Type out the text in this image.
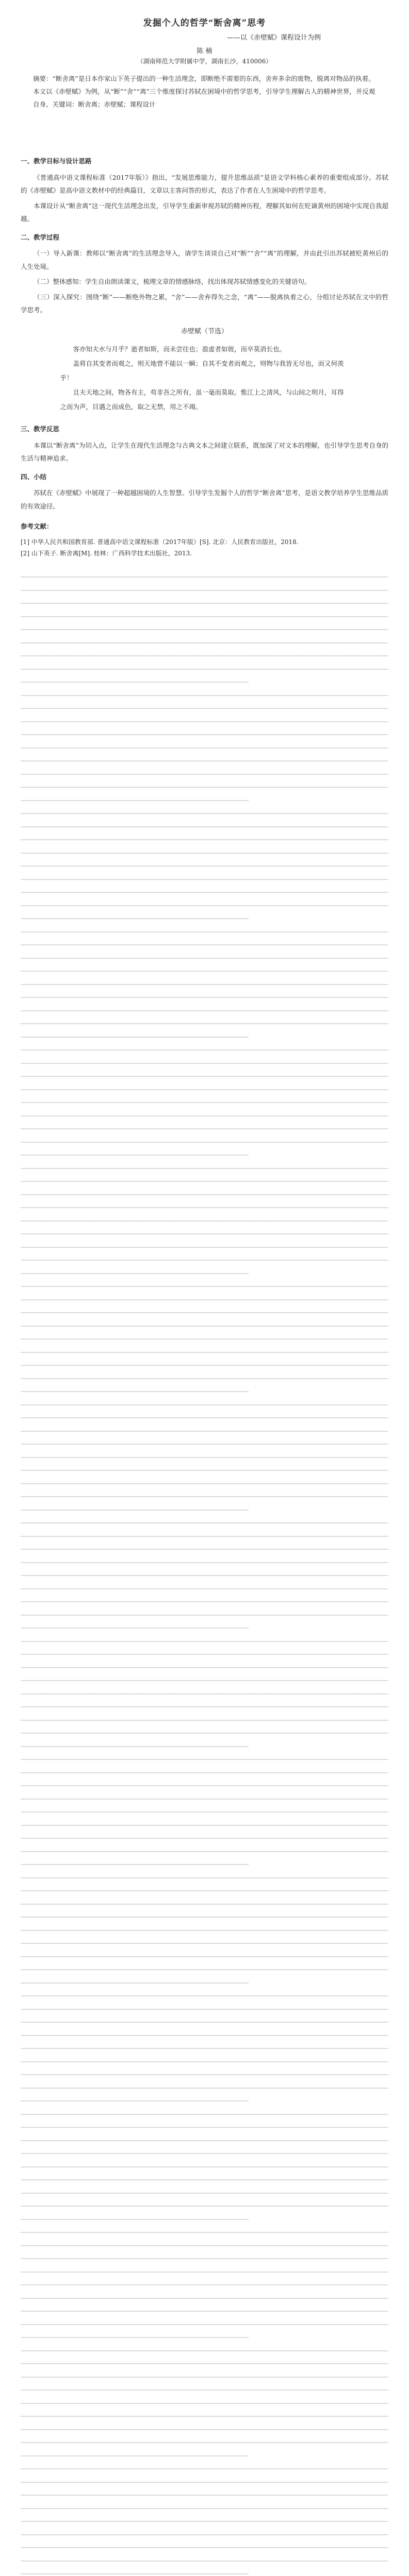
发掘个人的哲学“断舍离”思考
——以《赤壁赋》课程设计为例
陈 楠
（湖南师范大学附属中学，湖南长沙，410006）
摘要：“断舍离”是日本作家山下英子提出的一种生活理念，即断绝不需要的东西，舍弃多余的废物，脱离对物品的执着。本文以《赤壁赋》为例，从“断”“舍”“离”三个维度探讨苏轼在困境中的哲学思考，引导学生理解古人的精神世界，并反观自身。关键词：断舍离；赤壁赋；课程设计

一、教学目标与设计思路

《普通高中语文课程标准（2017年版）》指出，“发展思维能力，提升思维品质”是语文学科核心素养的重要组成部分。苏轼的《赤壁赋》是高中语文教材中的经典篇目，文章以主客问答的形式，表达了作者在人生困境中的哲学思考。

本课设计从“断舍离”这一现代生活理念出发，引导学生重新审视苏轼的精神历程，理解其如何在贬谪黄州的困境中实现自我超越。

二、教学过程

（一）导入新课：教师以“断舍离”的生活理念导入，请学生谈谈自己对“断”“舍”“离”的理解，并由此引出苏轼被贬黄州后的人生处境。

（二）整体感知：学生自由朗读课文，梳理文章的情感脉络，找出体现苏轼情感变化的关键语句。

（三）深入探究：围绕“断”——断绝外物之累，“舍”——舍弃得失之念，“离”——脱离执着之心，分组讨论苏轼在文中的哲学思考。

赤壁赋（节选）
客亦知夫水与月乎？逝者如斯，而未尝往也；盈虚者如彼，而卒莫消长也。
盖将自其变者而观之，则天地曾不能以一瞬；自其不变者而观之，则物与我皆无尽也，而又何羡乎！
且夫天地之间，物各有主，苟非吾之所有，虽一毫而莫取。惟江上之清风，与山间之明月，耳得之而为声，目遇之而成色，取之无禁，用之不竭。

三、教学反思

本课以“断舍离”为切入点，让学生在现代生活理念与古典文本之间建立联系，既加深了对文本的理解，也引导学生思考自身的生活与精神追求。

四、小结

苏轼在《赤壁赋》中展现了一种超越困境的人生智慧。引导学生发掘个人的哲学“断舍离”思考，是语文教学培养学生思维品质的有效途径。

参考文献：
[1] 中华人民共和国教育部. 普通高中语文课程标准（2017年版）[S]. 北京：人民教育出版社，2018.
[2] 山下英子. 断舍离[M]. 桂林：广西科学技术出版社，2013.
